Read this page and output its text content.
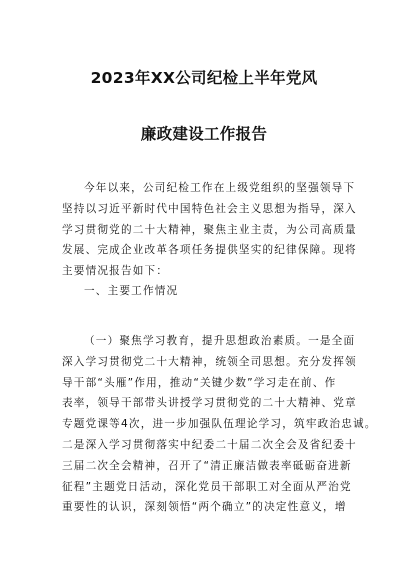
2023年XX公司纪检上半年党风
廉政建设工作报告
今年以来，公司纪检工作在上级党组织的坚强领导下
坚持以习近平新时代中国特色社会主义思想为指导，深入
学习贯彻党的二十大精神，聚焦主业主责，为公司高质量
发展、完成企业改革各项任务提供坚实的纪律保障。现将
主要情况报告如下：
一、主要工作情况
（一）聚焦学习教育，提升思想政治素质。一是全面
深入学习贯彻党二十大精神，统领全司思想。充分发挥领
导干部“头雁”作用，推动“关键少数”学习走在前、作
表率，领导干部带头讲授学习贯彻党的二十大精神、党章
专题党课等4次，进一步加强队伍理论学习，筑牢政治忠诚。
二是深入学习贯彻落实中纪委二十届二次全会及省纪委十
三届二次全会精神，召开了“清正廉洁做表率砥砺奋进新
征程”主题党日活动，深化党员干部职工对全面从严治党
重要性的认识，深刻领悟“两个确立”的决定性意义，增
